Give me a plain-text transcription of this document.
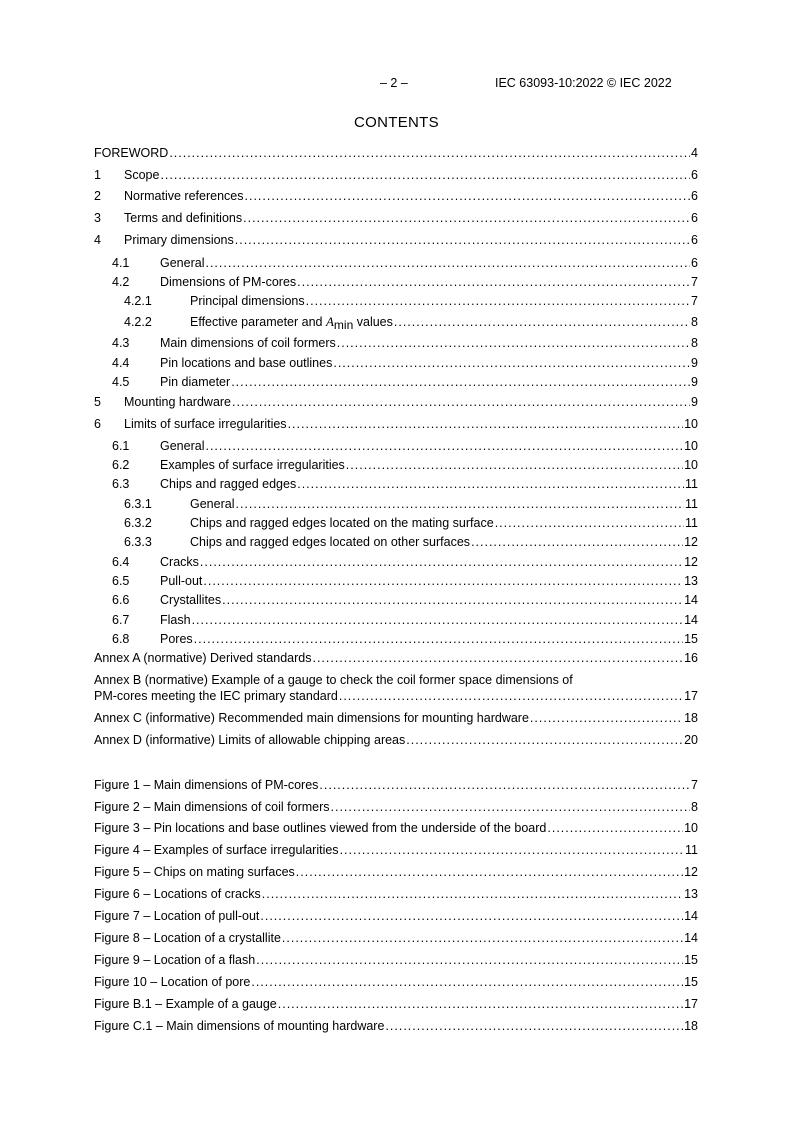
– 2 –	IEC 63093-10:2022 © IEC 2022
CONTENTS
FOREWORD .....	4
1	Scope .....	6
2	Normative references .....	6
3	Terms and definitions .....	6
4	Primary dimensions .....	6
4.1	General .....	6
4.2	Dimensions of PM-cores .....	7
4.2.1	Principal dimensions .....	7
4.2.2	Effective parameter and $A_{min}$ values .....	8
4.3	Main dimensions of coil formers .....	8
4.4	Pin locations and base outlines .....	9
4.5	Pin diameter .....	9
5	Mounting hardware .....	9
6	Limits of surface irregularities .....	10
6.1	General .....	10
6.2	Examples of surface irregularities .....	10
6.3	Chips and ragged edges .....	11
6.3.1	General .....	11
6.3.2	Chips and ragged edges located on the mating surface .....	11
6.3.3	Chips and ragged edges located on other surfaces .....	12
6.4	Cracks .....	12
6.5	Pull-out .....	13
6.6	Crystallites .....	14
6.7	Flash .....	14
6.8	Pores .....	15
Annex A (normative) Derived standards .....	16
Annex B (normative) Example of a gauge to check the coil former space dimensions of
PM-cores meeting the IEC primary standard .....	17
Annex C (informative) Recommended main dimensions for mounting hardware .....	18
Annex D (informative) Limits of allowable chipping areas .....	20
Figure 1 – Main dimensions of PM-cores .....	7
Figure 2 – Main dimensions of coil formers .....	8
Figure 3 – Pin locations and base outlines viewed from the underside of the board .....	10
Figure 4 – Examples of surface irregularities .....	11
Figure 5 – Chips on mating surfaces .....	12
Figure 6 – Locations of cracks .....	13
Figure 7 – Location of pull-out .....	14
Figure 8 – Location of a crystallite .....	14
Figure 9 – Location of a flash .....	15
Figure 10 – Location of pore .....	15
Figure B.1 – Example of a gauge .....	17
Figure C.1 – Main dimensions of mounting hardware .....	18
